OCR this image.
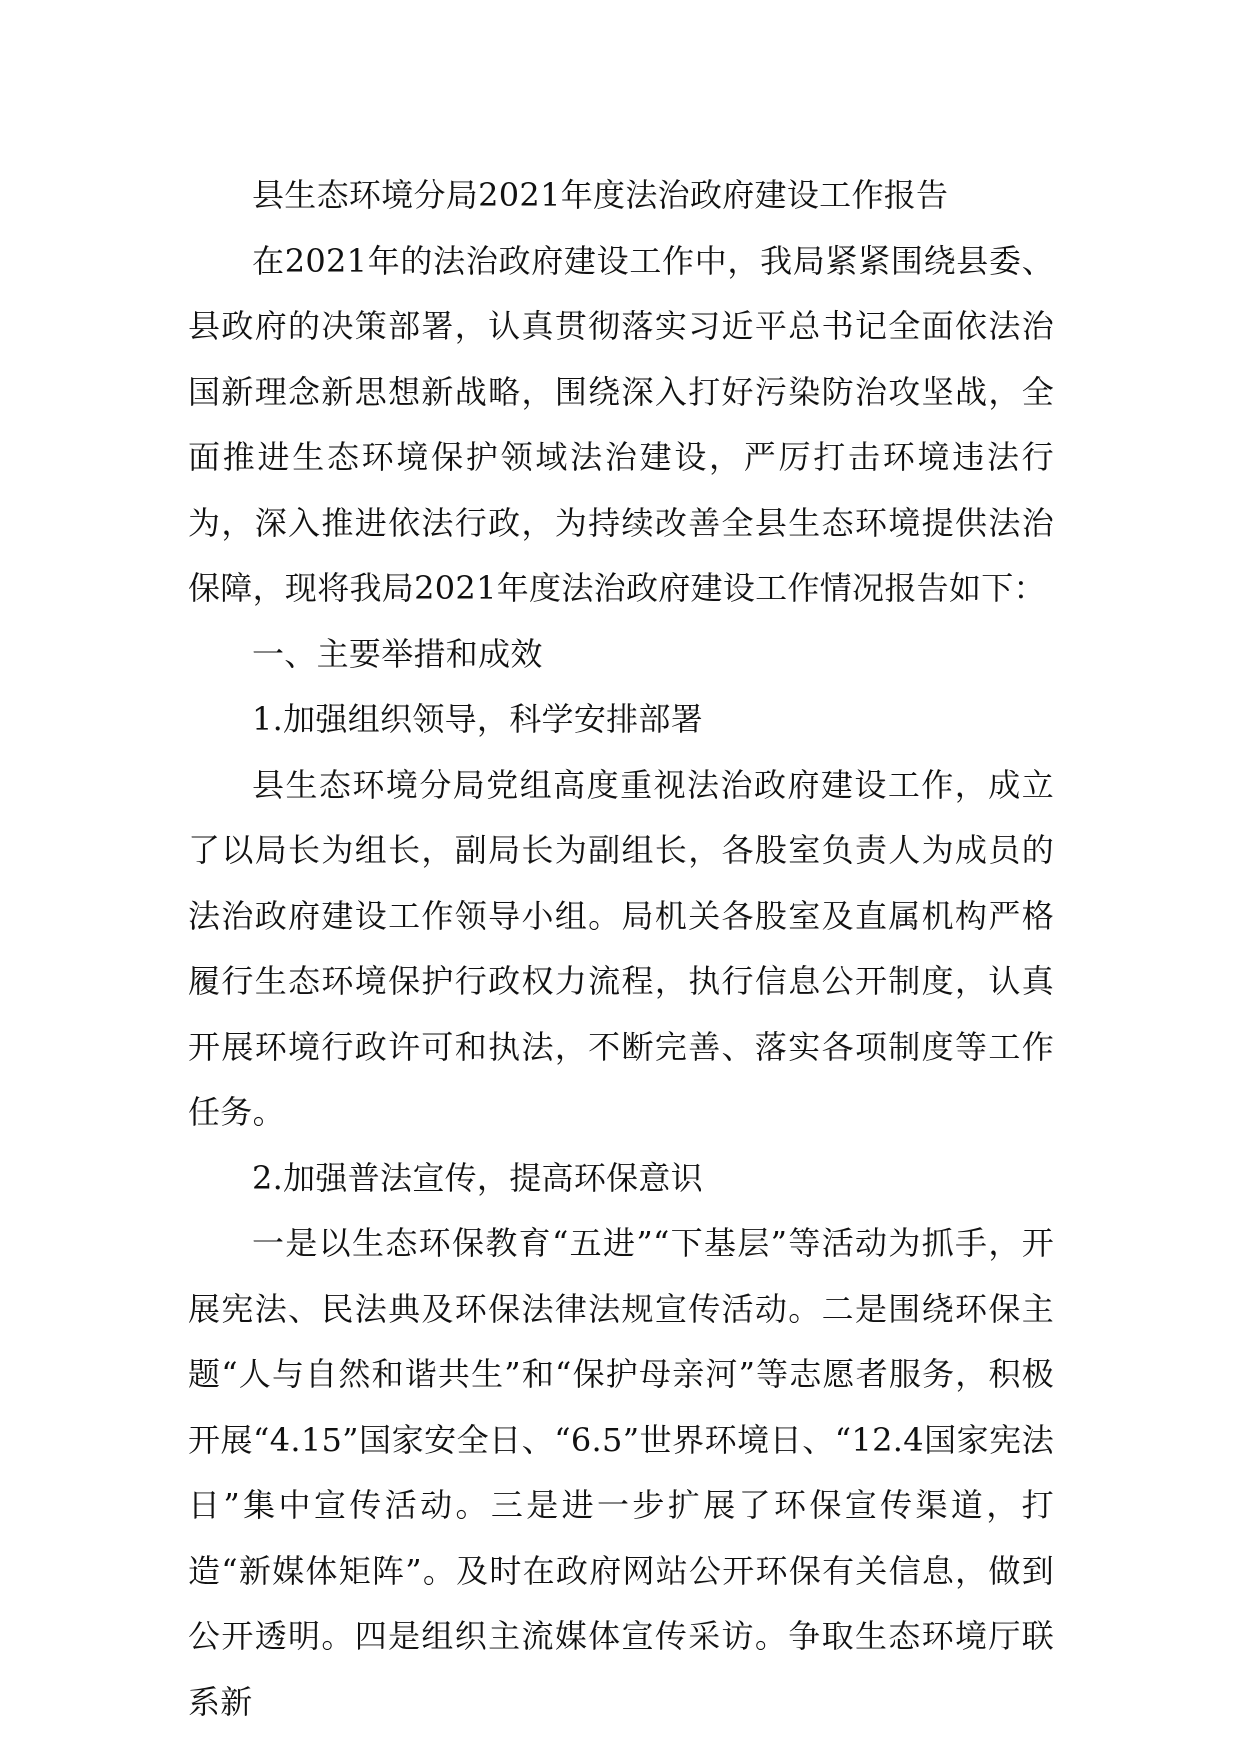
县生态环境分局2021年度法治政府建设工作报告

在2021年的法治政府建设工作中，我局紧紧围绕县委、县政府的决策部署，认真贯彻落实习近平总书记全面依法治国新理念新思想新战略，围绕深入打好污染防治攻坚战，全面推进生态环境保护领域法治建设，严厉打击环境违法行为，深入推进依法行政，为持续改善全县生态环境提供法治保障，现将我局2021年度法治政府建设工作情况报告如下：

一、主要举措和成效

1.加强组织领导，科学安排部署

县生态环境分局党组高度重视法治政府建设工作，成立了以局长为组长，副局长为副组长，各股室负责人为成员的法治政府建设工作领导小组。局机关各股室及直属机构严格履行生态环境保护行政权力流程，执行信息公开制度，认真开展环境行政许可和执法，不断完善、落实各项制度等工作任务。

2.加强普法宣传，提高环保意识

一是以生态环保教育“五进”“下基层”等活动为抓手，开展宪法、民法典及环保法律法规宣传活动。二是围绕环保主题“人与自然和谐共生”和“保护母亲河”等志愿者服务，积极开展“4.15”国家安全日、“6.5”世界环境日、“12.4国家宪法日”集中宣传活动。三是进一步扩展了环保宣传渠道，打造“新媒体矩阵”。及时在政府网站公开环保有关信息，做到公开透明。四是组织主流媒体宣传采访。争取生态环境厅联系新
